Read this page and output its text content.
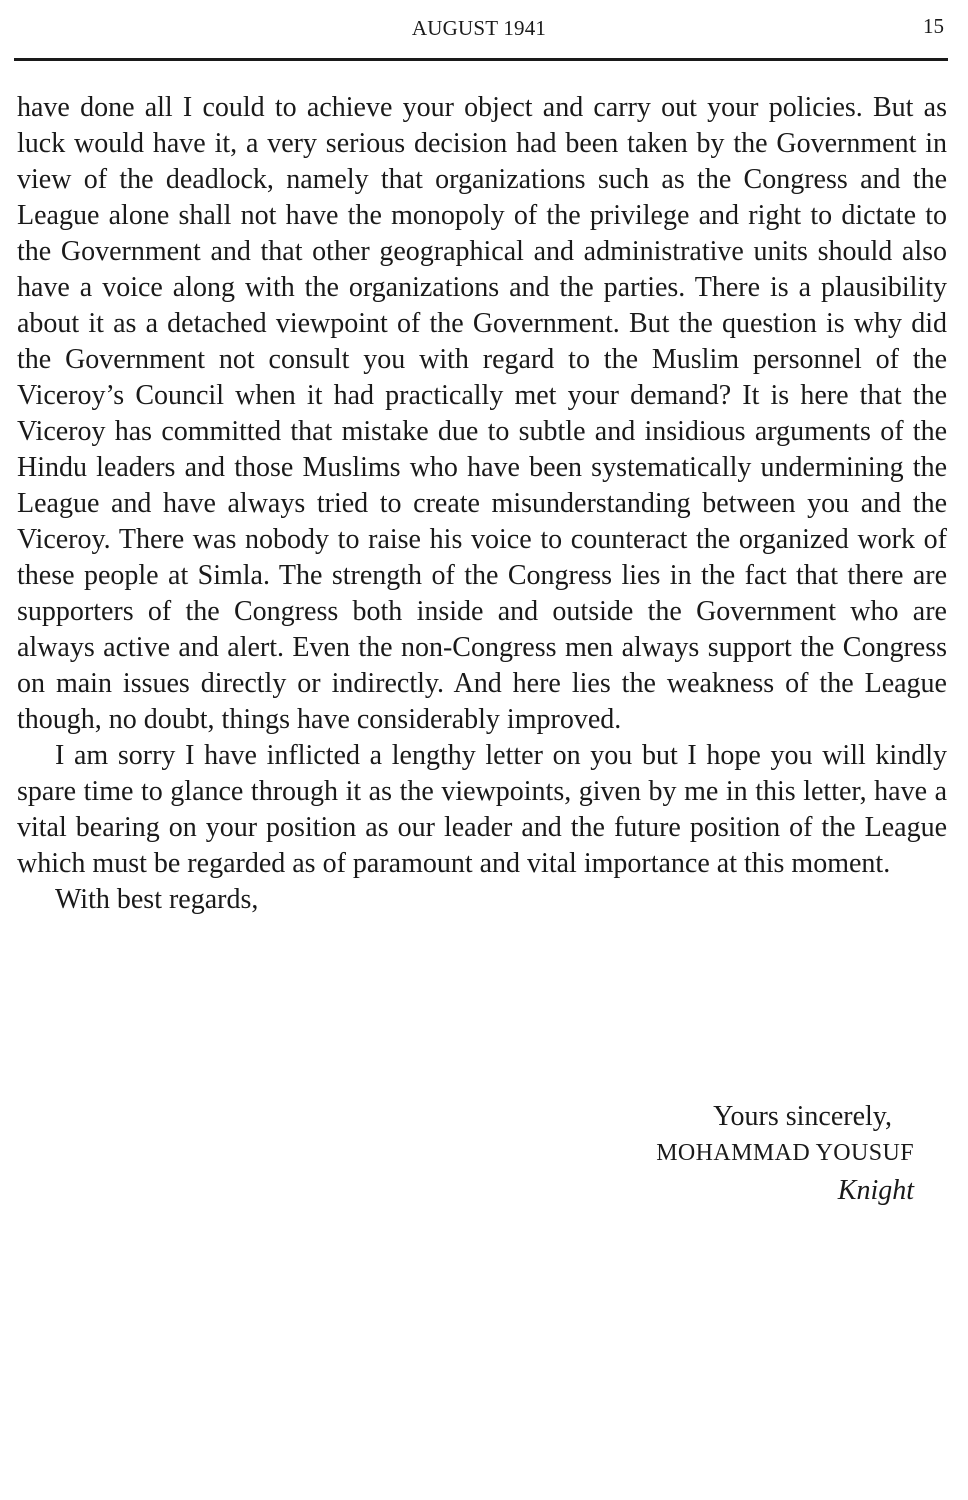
AUGUST 1941	15

have done all I could to achieve your object and carry out your policies. But as luck would have it, a very serious decision had been taken by the Government in view of the deadlock, namely that organizations such as the Congress and the League alone shall not have the monopoly of the privilege and right to dictate to the Government and that other geographical and administrative units should also have a voice along with the organizations and the parties. There is a plausibility about it as a detached viewpoint of the Government. But the question is why did the Government not consult you with regard to the Muslim personnel of the Viceroy’s Council when it had practically met your demand? It is here that the Viceroy has committed that mistake due to subtle and insidious arguments of the Hindu leaders and those Muslims who have been systematically undermining the League and have always tried to create misunderstanding between you and the Viceroy. There was nobody to raise his voice to counteract the organized work of these people at Simla. The strength of the Congress lies in the fact that there are supporters of the Congress both inside and outside the Government who are always active and alert. Even the non-Congress men always support the Congress on main issues directly or indirectly. And here lies the weakness of the League though, no doubt, things have considerably improved.

I am sorry I have inflicted a lengthy letter on you but I hope you will kindly spare time to glance through it as the viewpoints, given by me in this letter, have a vital bearing on your position as our leader and the future position of the League which must be regarded as of paramount and vital importance at this moment.

With best regards,

Yours sincerely,
MOHAMMAD YOUSUF
Knight
